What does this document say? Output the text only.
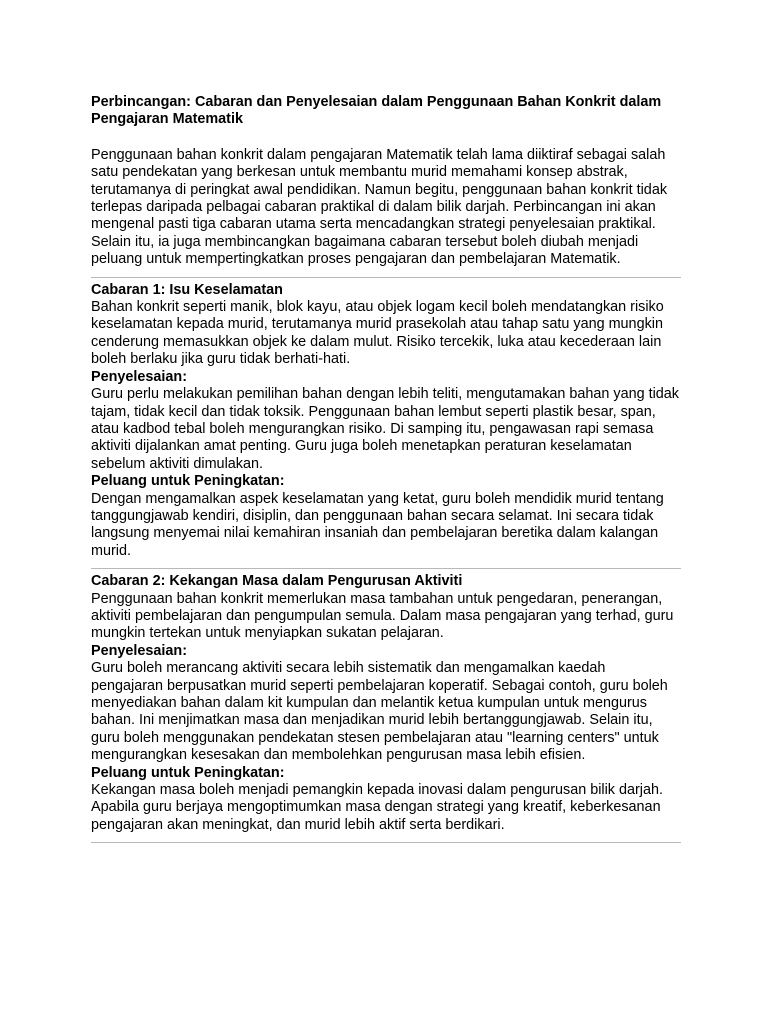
Perbincangan: Cabaran dan Penyelesaian dalam Penggunaan Bahan Konkrit dalam Pengajaran Matematik

Penggunaan bahan konkrit dalam pengajaran Matematik telah lama diiktiraf sebagai salah satu pendekatan yang berkesan untuk membantu murid memahami konsep abstrak, terutamanya di peringkat awal pendidikan. Namun begitu, penggunaan bahan konkrit tidak terlepas daripada pelbagai cabaran praktikal di dalam bilik darjah. Perbincangan ini akan mengenal pasti tiga cabaran utama serta mencadangkan strategi penyelesaian praktikal. Selain itu, ia juga membincangkan bagaimana cabaran tersebut boleh diubah menjadi peluang untuk mempertingkatkan proses pengajaran dan pembelajaran Matematik.

Cabaran 1: Isu Keselamatan

Bahan konkrit seperti manik, blok kayu, atau objek logam kecil boleh mendatangkan risiko keselamatan kepada murid, terutamanya murid prasekolah atau tahap satu yang mungkin cenderung memasukkan objek ke dalam mulut. Risiko tercekik, luka atau kecederaan lain boleh berlaku jika guru tidak berhati-hati.

Penyelesaian:

Guru perlu melakukan pemilihan bahan dengan lebih teliti, mengutamakan bahan yang tidak tajam, tidak kecil dan tidak toksik. Penggunaan bahan lembut seperti plastik besar, span, atau kadbod tebal boleh mengurangkan risiko. Di samping itu, pengawasan rapi semasa aktiviti dijalankan amat penting. Guru juga boleh menetapkan peraturan keselamatan sebelum aktiviti dimulakan.

Peluang untuk Peningkatan:

Dengan mengamalkan aspek keselamatan yang ketat, guru boleh mendidik murid tentang tanggungjawab kendiri, disiplin, dan penggunaan bahan secara selamat. Ini secara tidak langsung menyemai nilai kemahiran insaniah dan pembelajaran beretika dalam kalangan murid.

Cabaran 2: Kekangan Masa dalam Pengurusan Aktiviti

Penggunaan bahan konkrit memerlukan masa tambahan untuk pengedaran, penerangan, aktiviti pembelajaran dan pengumpulan semula. Dalam masa pengajaran yang terhad, guru mungkin tertekan untuk menyiapkan sukatan pelajaran.

Penyelesaian:

Guru boleh merancang aktiviti secara lebih sistematik dan mengamalkan kaedah pengajaran berpusatkan murid seperti pembelajaran koperatif. Sebagai contoh, guru boleh menyediakan bahan dalam kit kumpulan dan melantik ketua kumpulan untuk mengurus bahan. Ini menjimatkan masa dan menjadikan murid lebih bertanggungjawab. Selain itu, guru boleh menggunakan pendekatan stesen pembelajaran atau "learning centers" untuk mengurangkan kesesakan dan membolehkan pengurusan masa lebih efisien.

Peluang untuk Peningkatan:

Kekangan masa boleh menjadi pemangkin kepada inovasi dalam pengurusan bilik darjah. Apabila guru berjaya mengoptimumkan masa dengan strategi yang kreatif, keberkesanan pengajaran akan meningkat, dan murid lebih aktif serta berdikari.
